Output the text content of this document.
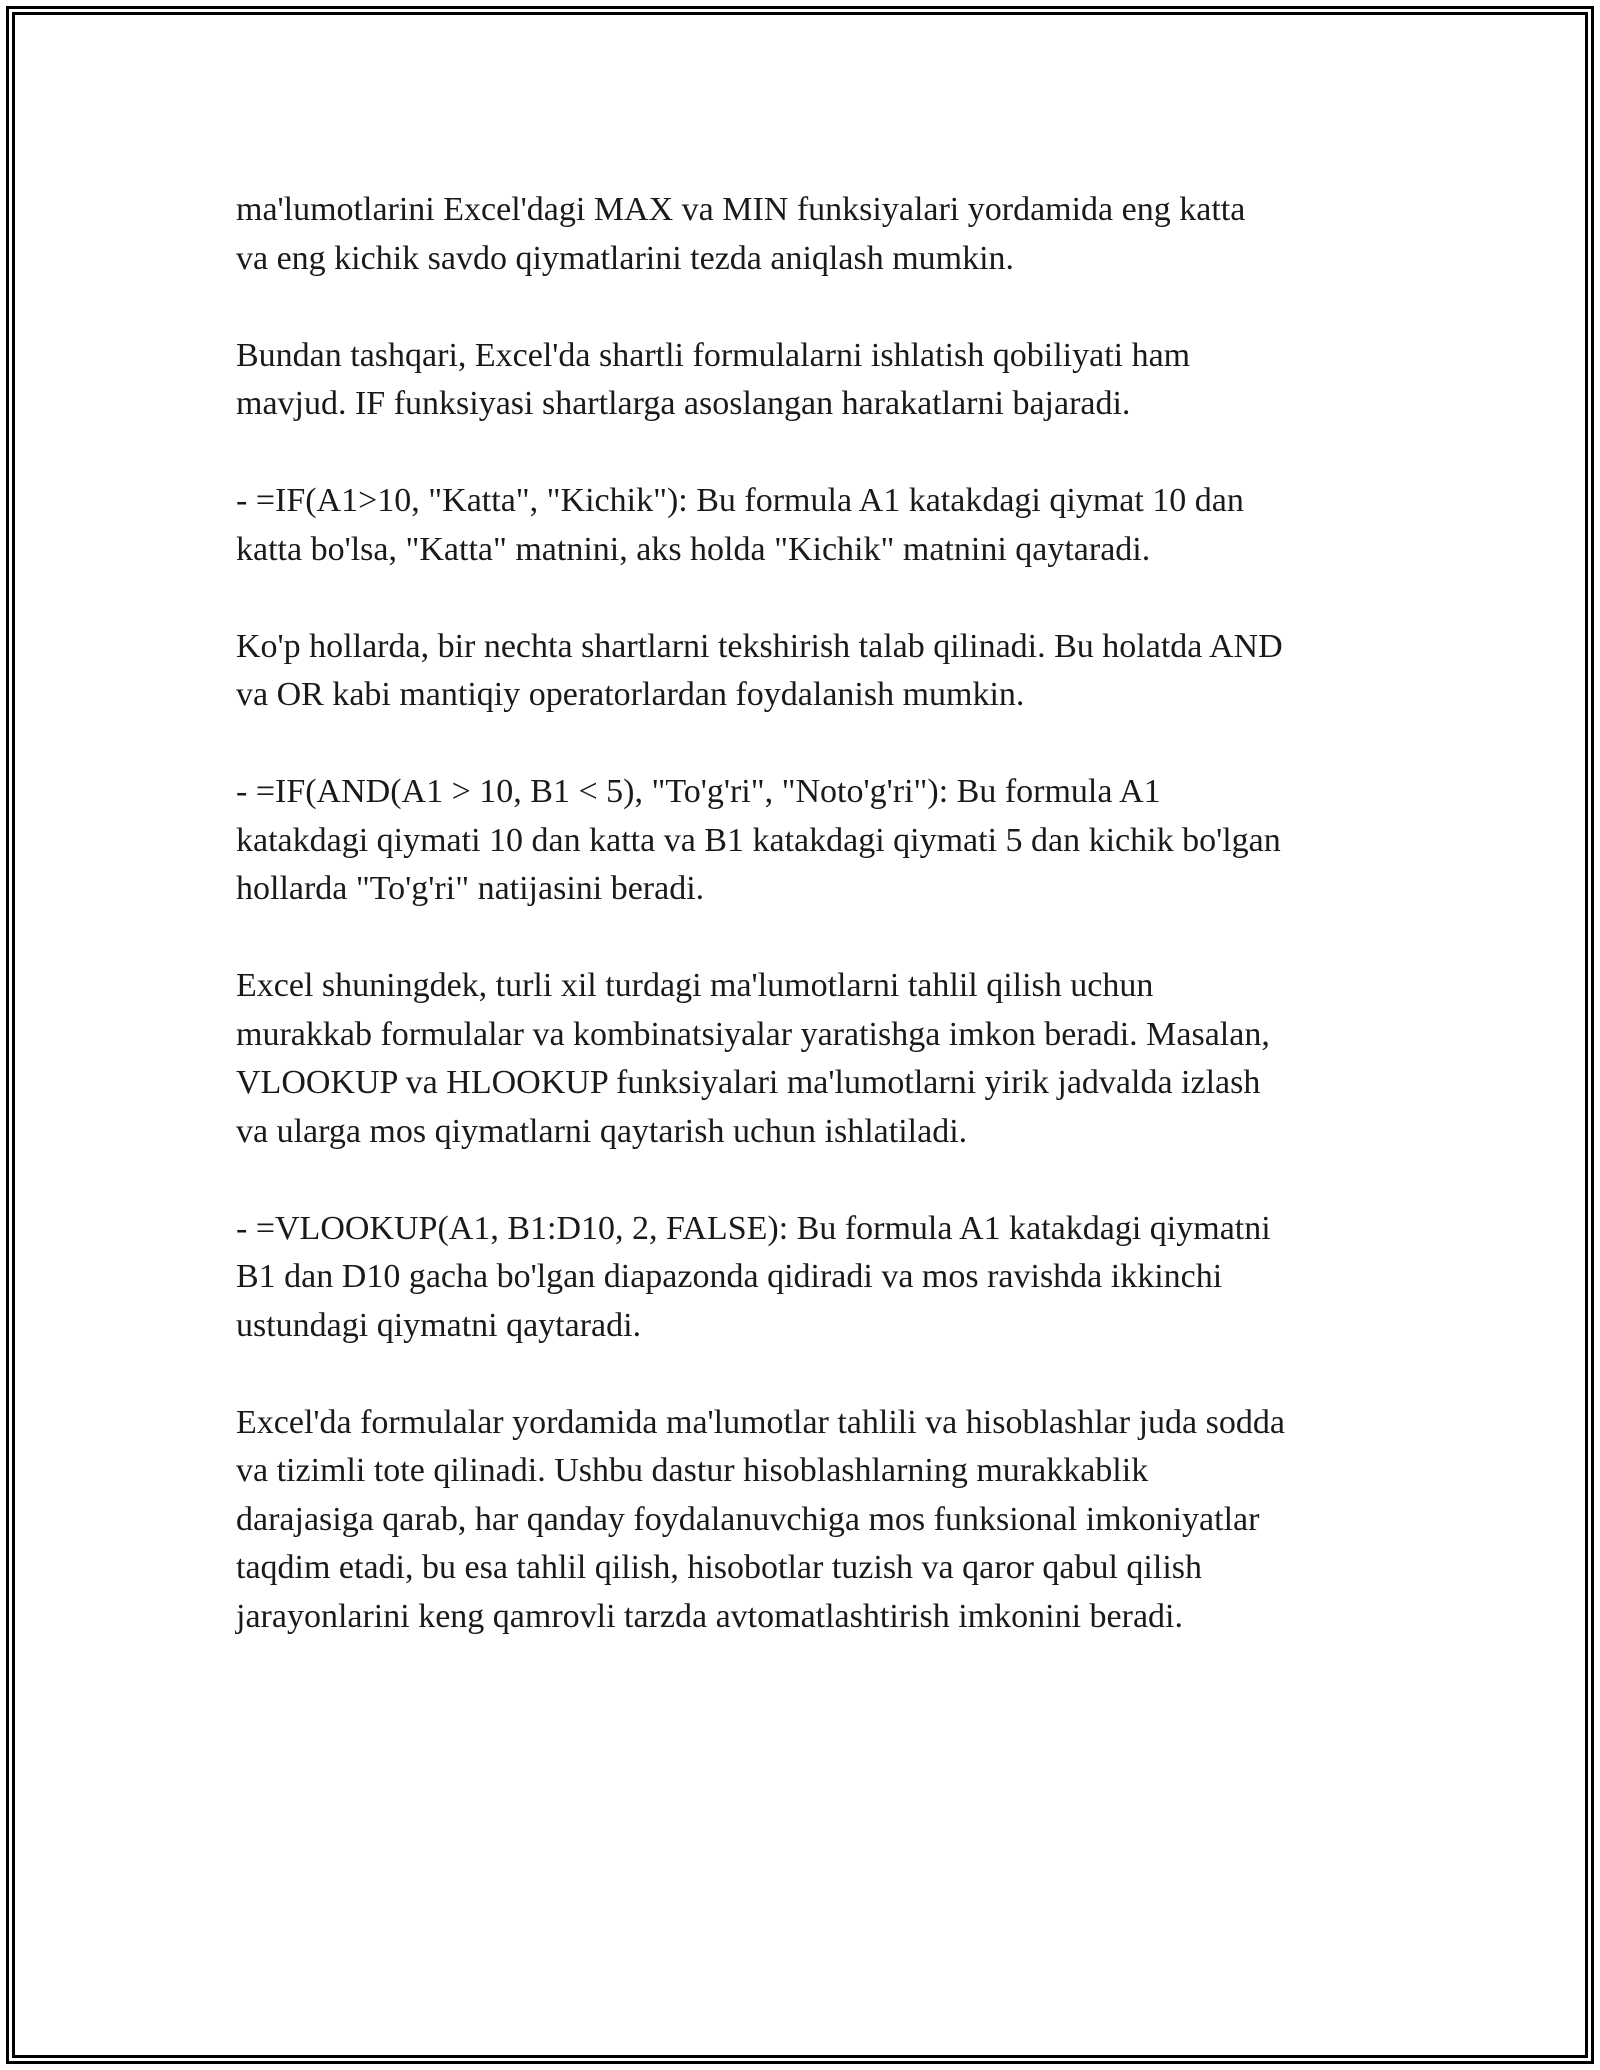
ma'lumotlarini Excel'dagi MAX va MIN funksiyalari yordamida eng katta
va eng kichik savdo qiymatlarini tezda aniqlash mumkin.

Bundan tashqari, Excel'da shartli formulalarni ishlatish qobiliyati ham
mavjud. IF funksiyasi shartlarga asoslangan harakatlarni bajaradi.

- =IF(A1>10, "Katta", "Kichik"): Bu formula A1 katakdagi qiymat 10 dan
katta bo'lsa, "Katta" matnini, aks holda "Kichik" matnini qaytaradi.

Ko'p hollarda, bir nechta shartlarni tekshirish talab qilinadi. Bu holatda AND
va OR kabi mantiqiy operatorlardan foydalanish mumkin.

- =IF(AND(A1 > 10, B1 < 5), "To'g'ri", "Noto'g'ri"): Bu formula A1
katakdagi qiymati 10 dan katta va B1 katakdagi qiymati 5 dan kichik bo'lgan
hollarda "To'g'ri" natijasini beradi.

Excel shuningdek, turli xil turdagi ma'lumotlarni tahlil qilish uchun
murakkab formulalar va kombinatsiyalar yaratishga imkon beradi. Masalan,
VLOOKUP va HLOOKUP funksiyalari ma'lumotlarni yirik jadvalda izlash
va ularga mos qiymatlarni qaytarish uchun ishlatiladi.

- =VLOOKUP(A1, B1:D10, 2, FALSE): Bu formula A1 katakdagi qiymatni
B1 dan D10 gacha bo'lgan diapazonda qidiradi va mos ravishda ikkinchi
ustundagi qiymatni qaytaradi.

Excel'da formulalar yordamida ma'lumotlar tahlili va hisoblashlar juda sodda
va tizimli tote qilinadi. Ushbu dastur hisoblashlarning murakkablik
darajasiga qarab, har qanday foydalanuvchiga mos funksional imkoniyatlar
taqdim etadi, bu esa tahlil qilish, hisobotlar tuzish va qaror qabul qilish
jarayonlarini keng qamrovli tarzda avtomatlashtirish imkonini beradi.
